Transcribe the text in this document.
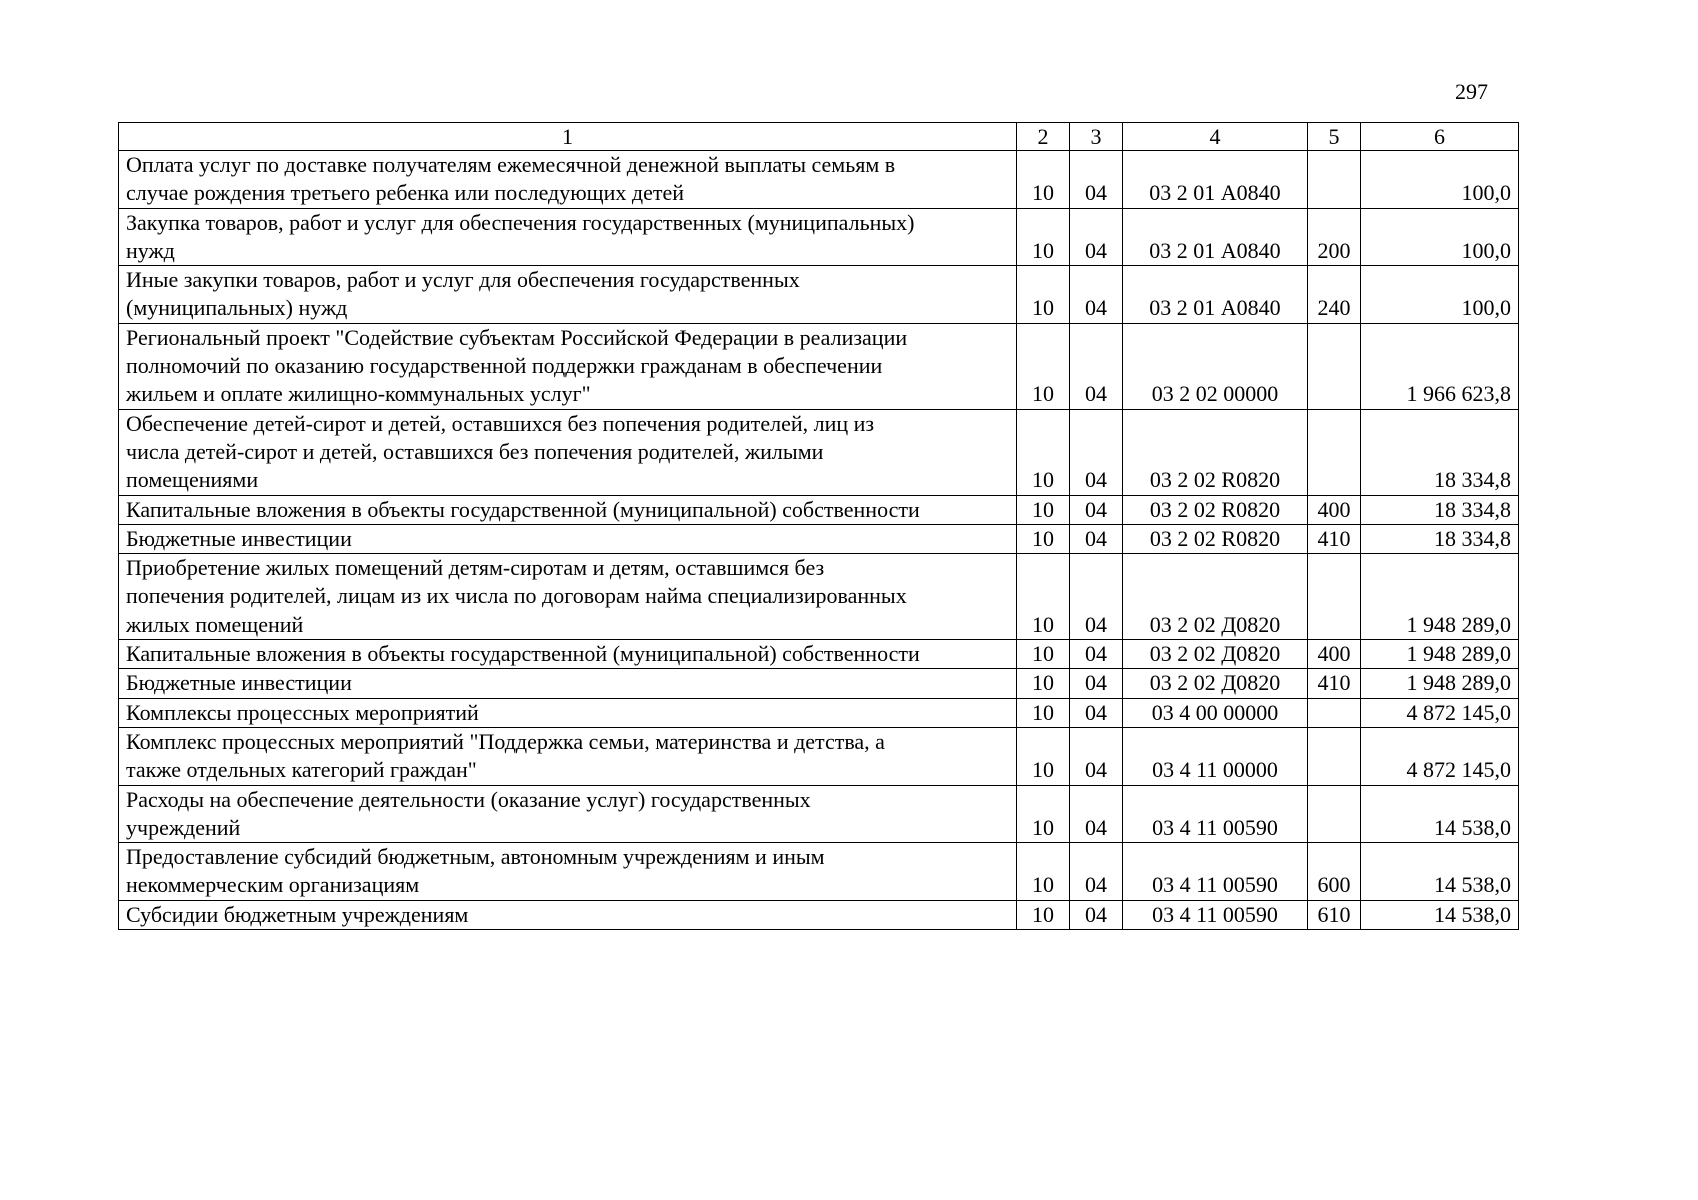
297
1	2	3	4	5	6

Оплата услуг по доставке получателям ежемесячной денежной выплаты семьям в
случае рождения третьего ребенка или последующих детей	10	04	03 2 01 А0840		100,0

Закупка товаров, работ и услуг для обеспечения государственных (муниципальных)
нужд	10	04	03 2 01 А0840	200	100,0

Иные закупки товаров, работ и услуг для обеспечения государственных
(муниципальных) нужд	10	04	03 2 01 А0840	240	100,0

Региональный проект "Содействие субъектам Российской Федерации в реализации
полномочий по оказанию государственной поддержки гражданам в обеспечении
жильем и оплате жилищно-коммунальных услуг"	10	04	03 2 02 00000		1 966 623,8

Обеспечение детей-сирот и детей, оставшихся без попечения родителей, лиц из
числа детей-сирот и детей, оставшихся без попечения родителей, жилыми
помещениями	10	04	03 2 02 R0820		18 334,8

Капитальные вложения в объекты государственной (муниципальной) собственности	10	04	03 2 02 R0820	400	18 334,8

Бюджетные инвестиции	10	04	03 2 02 R0820	410	18 334,8

Приобретение жилых помещений детям-сиротам и детям, оставшимся без
попечения родителей, лицам из их числа по договорам найма специализированных
жилых помещений	10	04	03 2 02 Д0820		1 948 289,0

Капитальные вложения в объекты государственной (муниципальной) собственности	10	04	03 2 02 Д0820	400	1 948 289,0

Бюджетные инвестиции	10	04	03 2 02 Д0820	410	1 948 289,0

Комплексы процессных мероприятий	10	04	03 4 00 00000		4 872 145,0

Комплекс процессных мероприятий "Поддержка семьи, материнства и детства, а
также отдельных категорий граждан"	10	04	03 4 11 00000		4 872 145,0

Расходы на обеспечение деятельности (оказание услуг) государственных
учреждений	10	04	03 4 11 00590		14 538,0

Предоставление субсидий бюджетным, автономным учреждениям и иным
некоммерческим организациям	10	04	03 4 11 00590	600	14 538,0

Субсидии бюджетным учреждениям	10	04	03 4 11 00590	610	14 538,0
